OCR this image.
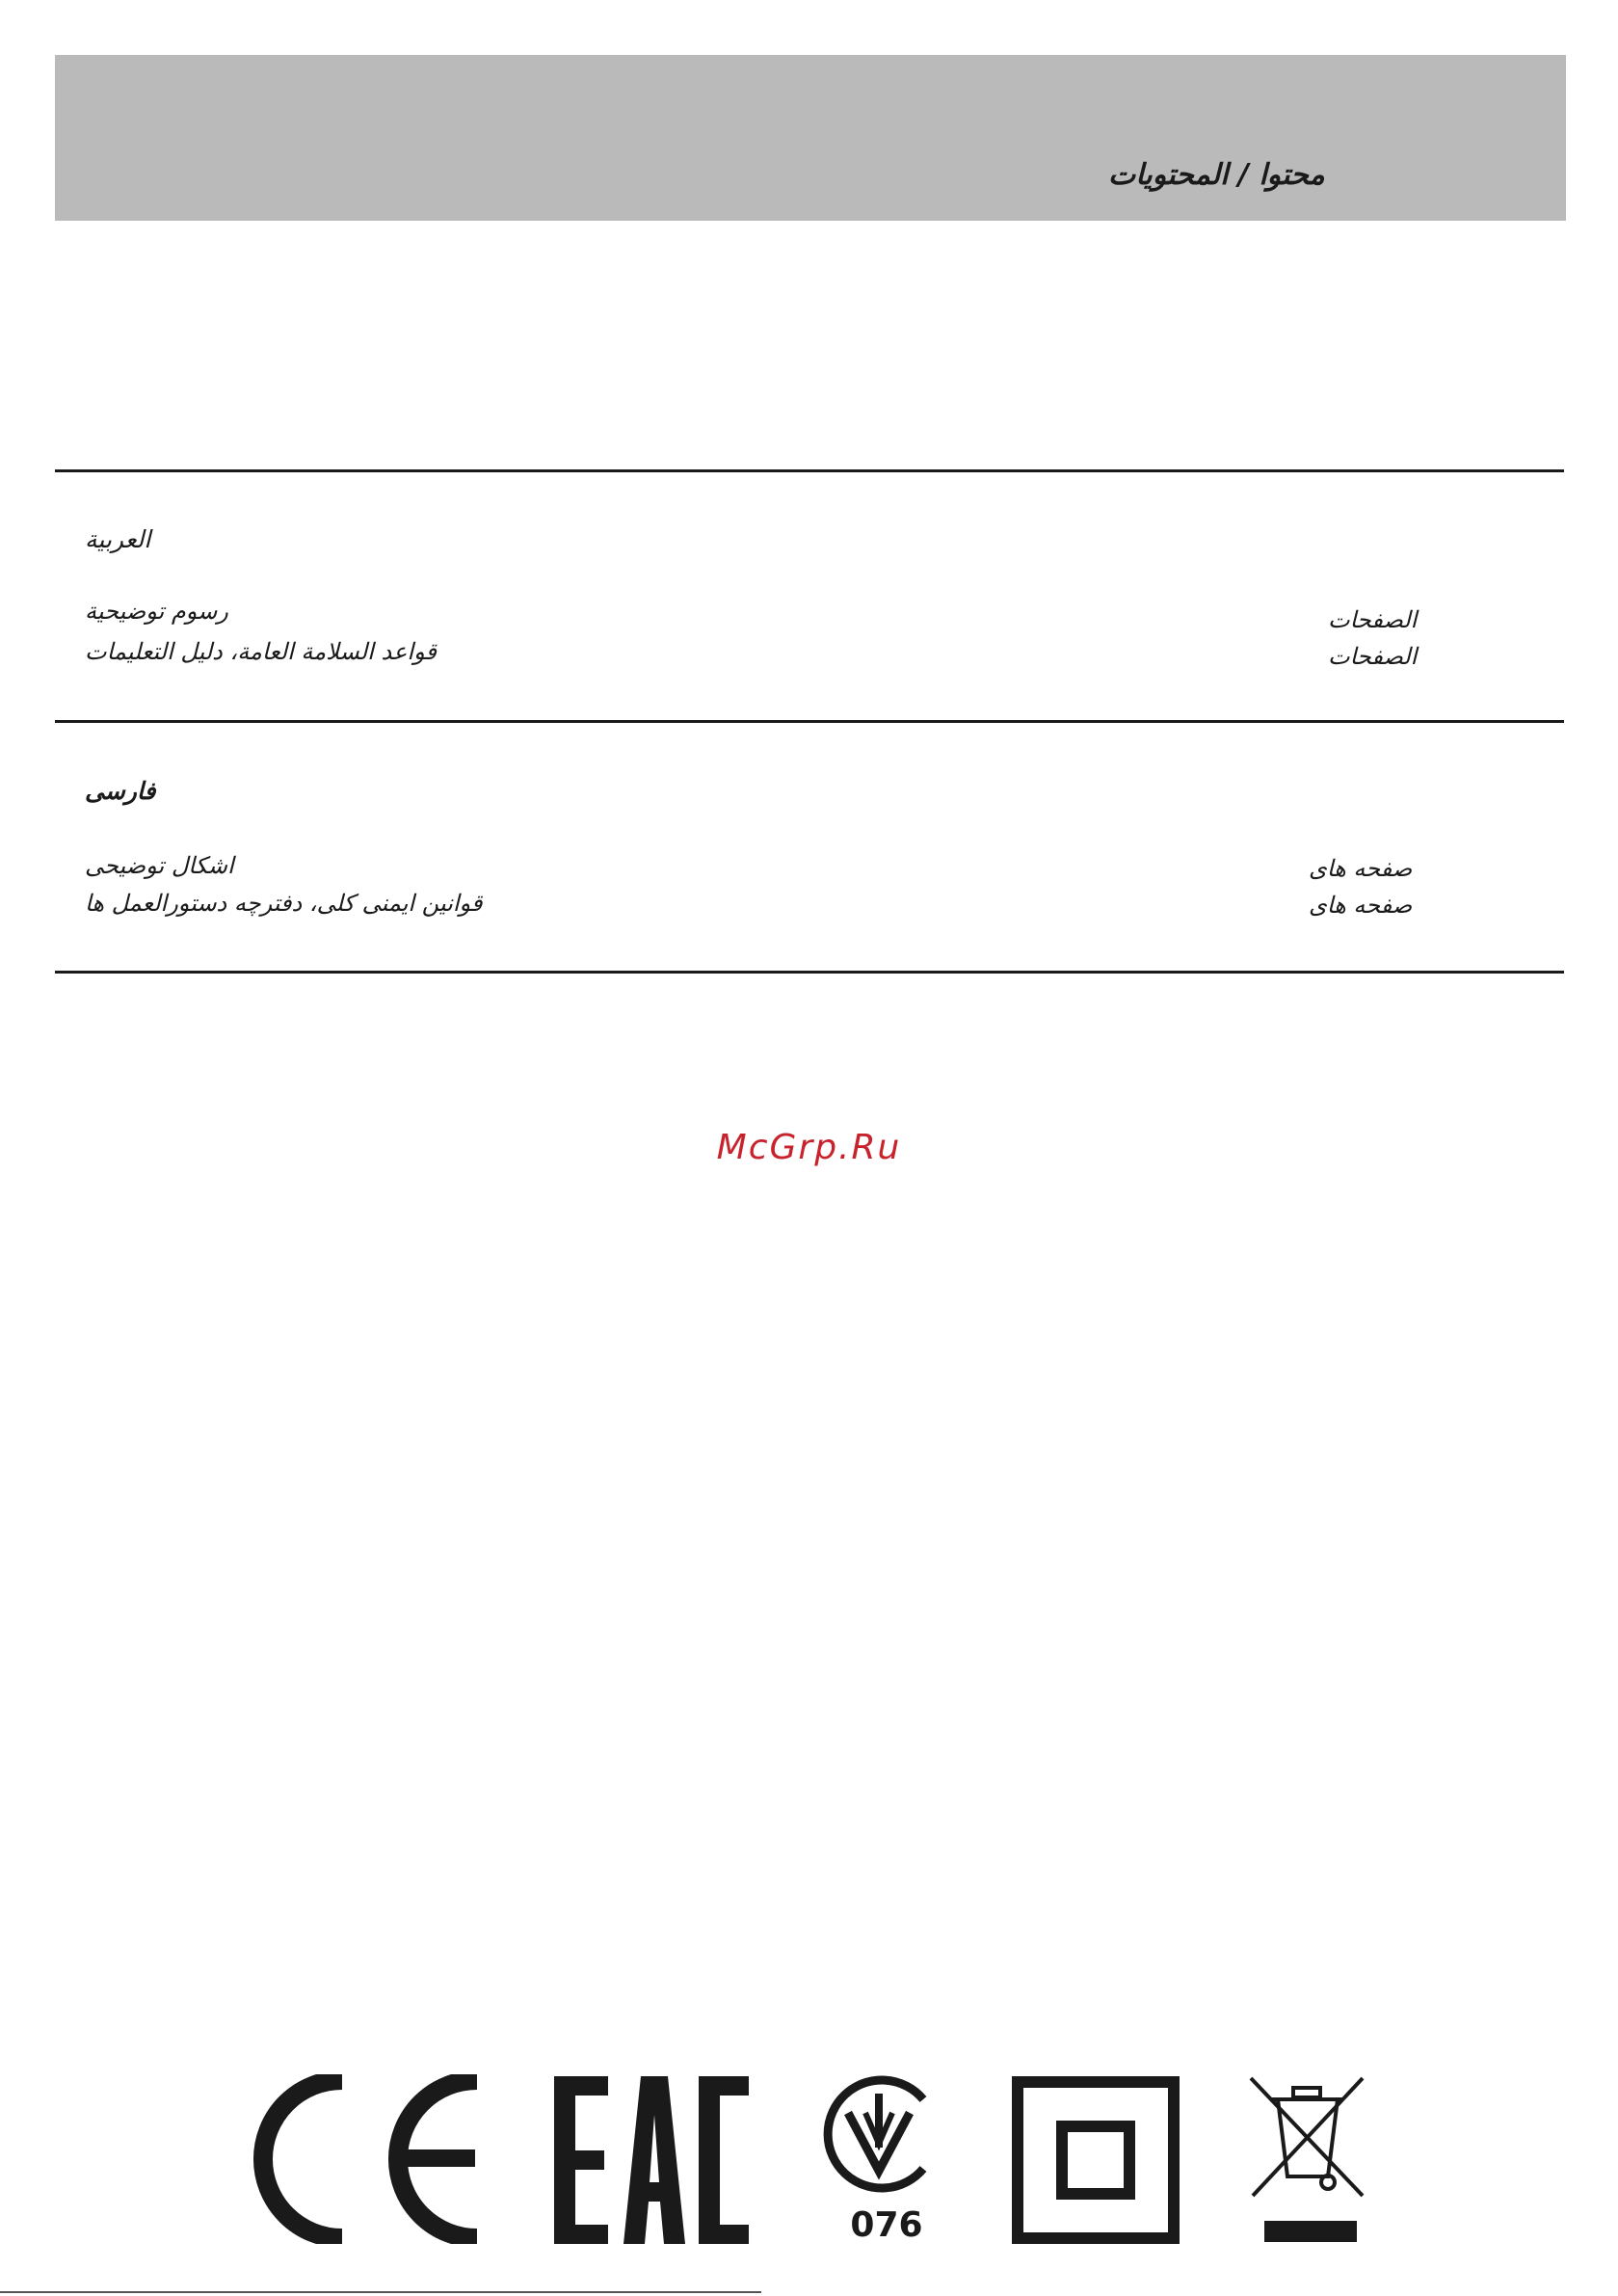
محتوا / المحتويات
العربية
رسوم توضيحية
قواعد السلامة العامة، دليل التعليمات
الصفحات
الصفحات
فارسی
اشکال توضیحی
قوانین ایمنی کلی، دفترچه دستورالعمل ها
صفحه های
صفحه های
McGrp.Ru
076
